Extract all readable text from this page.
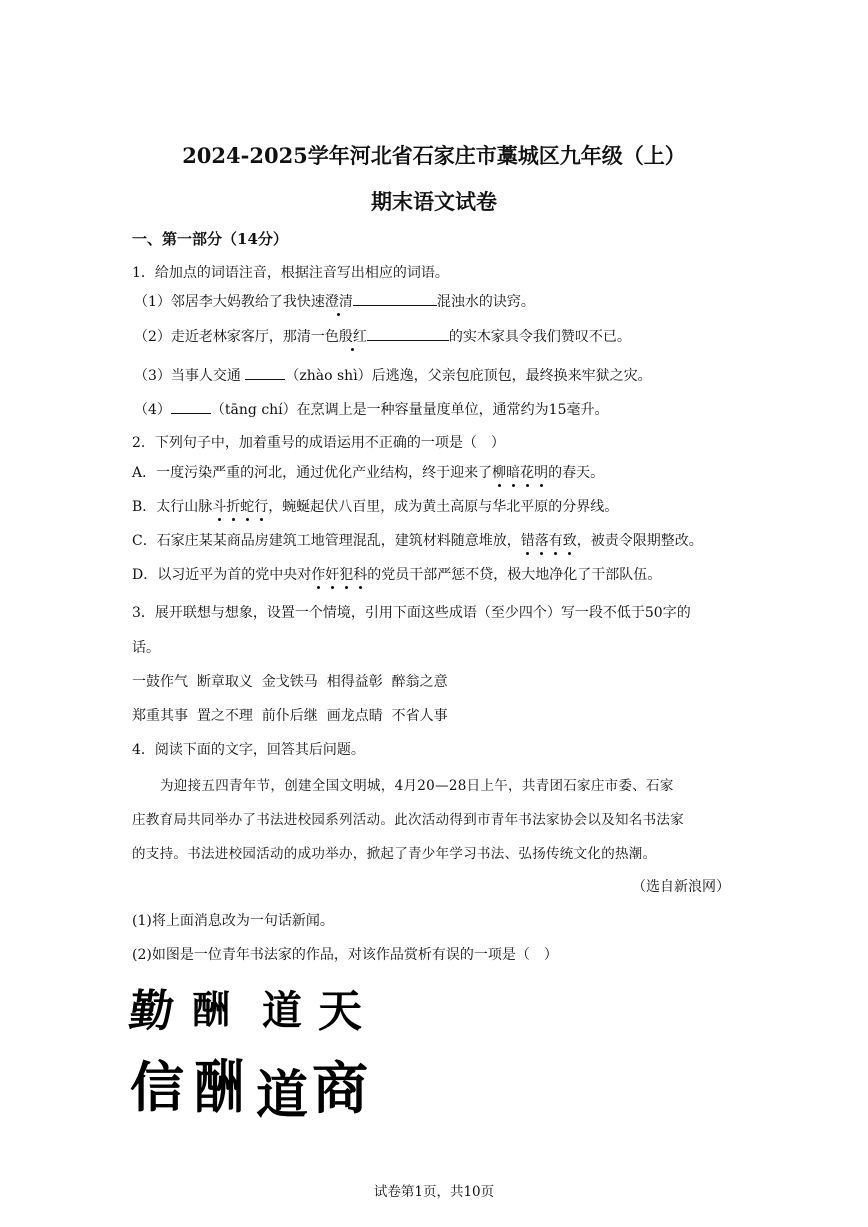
2024-2025学年河北省石家庄市藁城区九年级（上）
期末语文试卷
一、第一部分（14分）
1．给加点的词语注音，根据注音写出相应的词语。
（1）邻居李大妈教给了我快速澄清	混浊水的诀窍。
（2）走近老林家客厅，那清一色殷红	的实木家具令我们赞叹不已。
（3）当事人交通	（zhào shì）后逃逸，父亲包庇顶包，最终换来牢狱之灾。
（4）	（tāng chí）在烹调上是一种容量量度单位，通常约为15毫升。
2．下列句子中，加着重号的成语运用不正确的一项是（　）
A．一度污染严重的河北，通过优化产业结构，终于迎来了柳暗花明的春天。
B．太行山脉斗折蛇行，蜿蜒起伏八百里，成为黄土高原与华北平原的分界线。
C．石家庄某某商品房建筑工地管理混乱，建筑材料随意堆放，错落有致，被责令限期整改。
D．以习近平为首的党中央对作奸犯科的党员干部严惩不贷，极大地净化了干部队伍。
3．展开联想与想象，设置一个情境，引用下面这些成语（至少四个）写一段不低于50字的
话。
一鼓作气  断章取义  金戈铁马  相得益彰  醉翁之意
郑重其事  置之不理  前仆后继  画龙点睛  不省人事
4．阅读下面的文字，回答其后问题。
为迎接五四青年节，创建全国文明城，4月20—28日上午，共青团石家庄市委、石家
庄教育局共同举办了书法进校园系列活动。此次活动得到市青年书法家协会以及知名书法家
的支持。书法进校园活动的成功举办，掀起了青少年学习书法、弘扬传统文化的热潮。
（选自新浪网）
(1)将上面消息改为一句话新闻。
(2)如图是一位青年书法家的作品，对该作品赏析有误的一项是（　）
勤 酬 道 天
信 酬 道 商
试卷第1页，共10页
